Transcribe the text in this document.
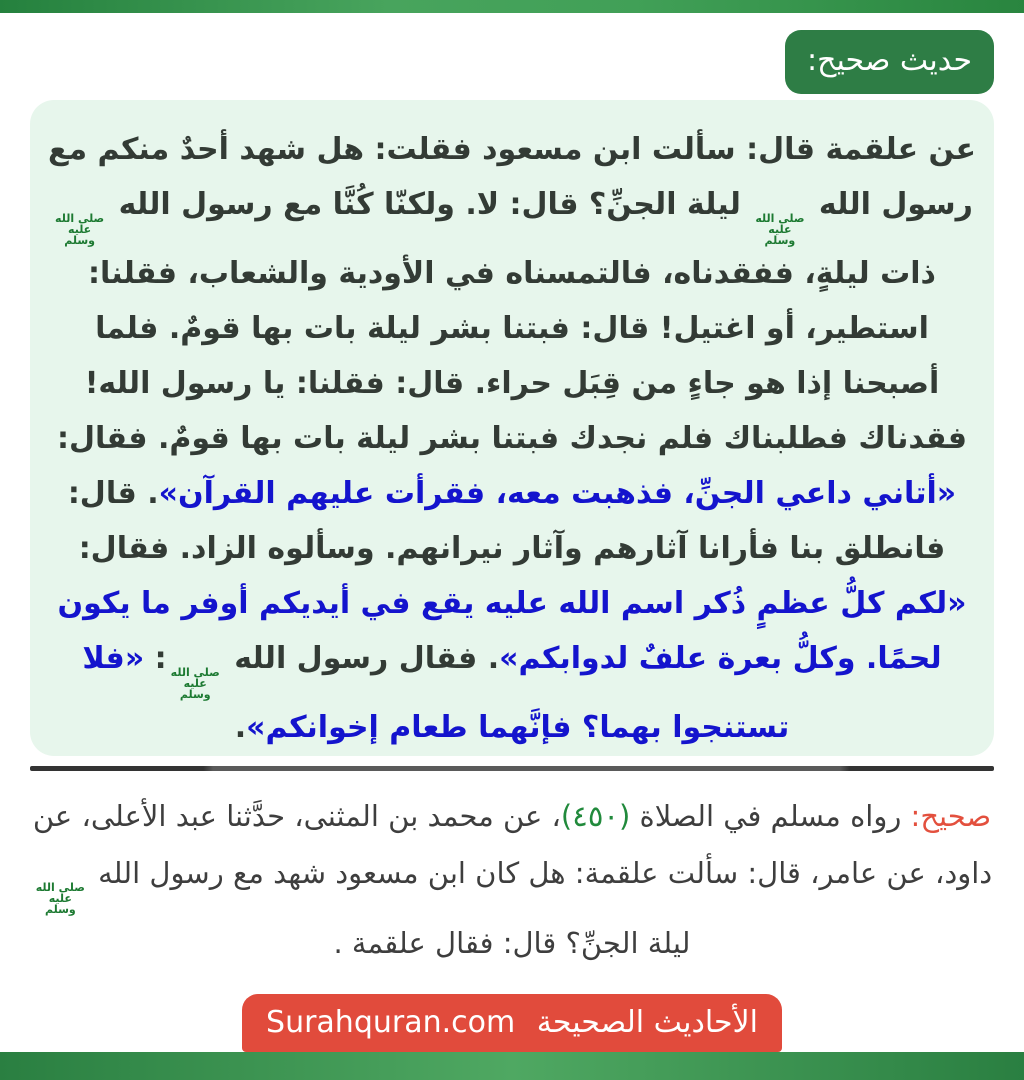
حديث صحيح:
عن علقمة قال: سألت ابن مسعود فقلت: هل شهد أحدٌ منكم مع رسول الله
صلى الله
عليه
وسلم
ليلة الجنِّ؟ قال: لا. ولكنّا كُنَّا مع رسول الله
صلى الله
عليه
وسلم
ذات ليلةٍ، ففقدناه، فالتمسناه في الأودية والشعاب، فقلنا: استطير، أو اغتيل! قال: فبتنا بشر ليلة بات بها قومٌ. فلما أصبحنا إذا هو جاءٍ من قِبَل حراء. قال: فقلنا: يا رسول الله! فقدناك فطلبناك فلم نجدك فبتنا بشر ليلة بات بها قومٌ. فقال: «أتاني داعي الجنِّ، فذهبت معه، فقرأت عليهم القرآن». قال: فانطلق بنا فأرانا آثارهم وآثار نيرانهم. وسألوه الزاد. فقال: «لكم كلُّ عظمٍ ذُكر اسم الله عليه يقع في أيديكم أوفر ما يكون لحمًا. وكلُّ بعرة علفٌ لدوابكم». فقال رسول الله
صلى الله
عليه
وسلم
: «فلا تستنجوا بهما؟ فإنَّهما طعام إخوانكم».
صحيح: رواه مسلم في الصلاة (٤٥٠)، عن محمد بن المثنى، حدَّثنا عبد الأعلى، عن داود، عن عامر، قال: سألت علقمة: هل كان ابن مسعود شهد مع رسول الله
صلى الله
عليه
وسلم
ليلة الجنِّ؟ قال: فقال علقمة .
الأحاديث الصحيحة Surahquran.com
